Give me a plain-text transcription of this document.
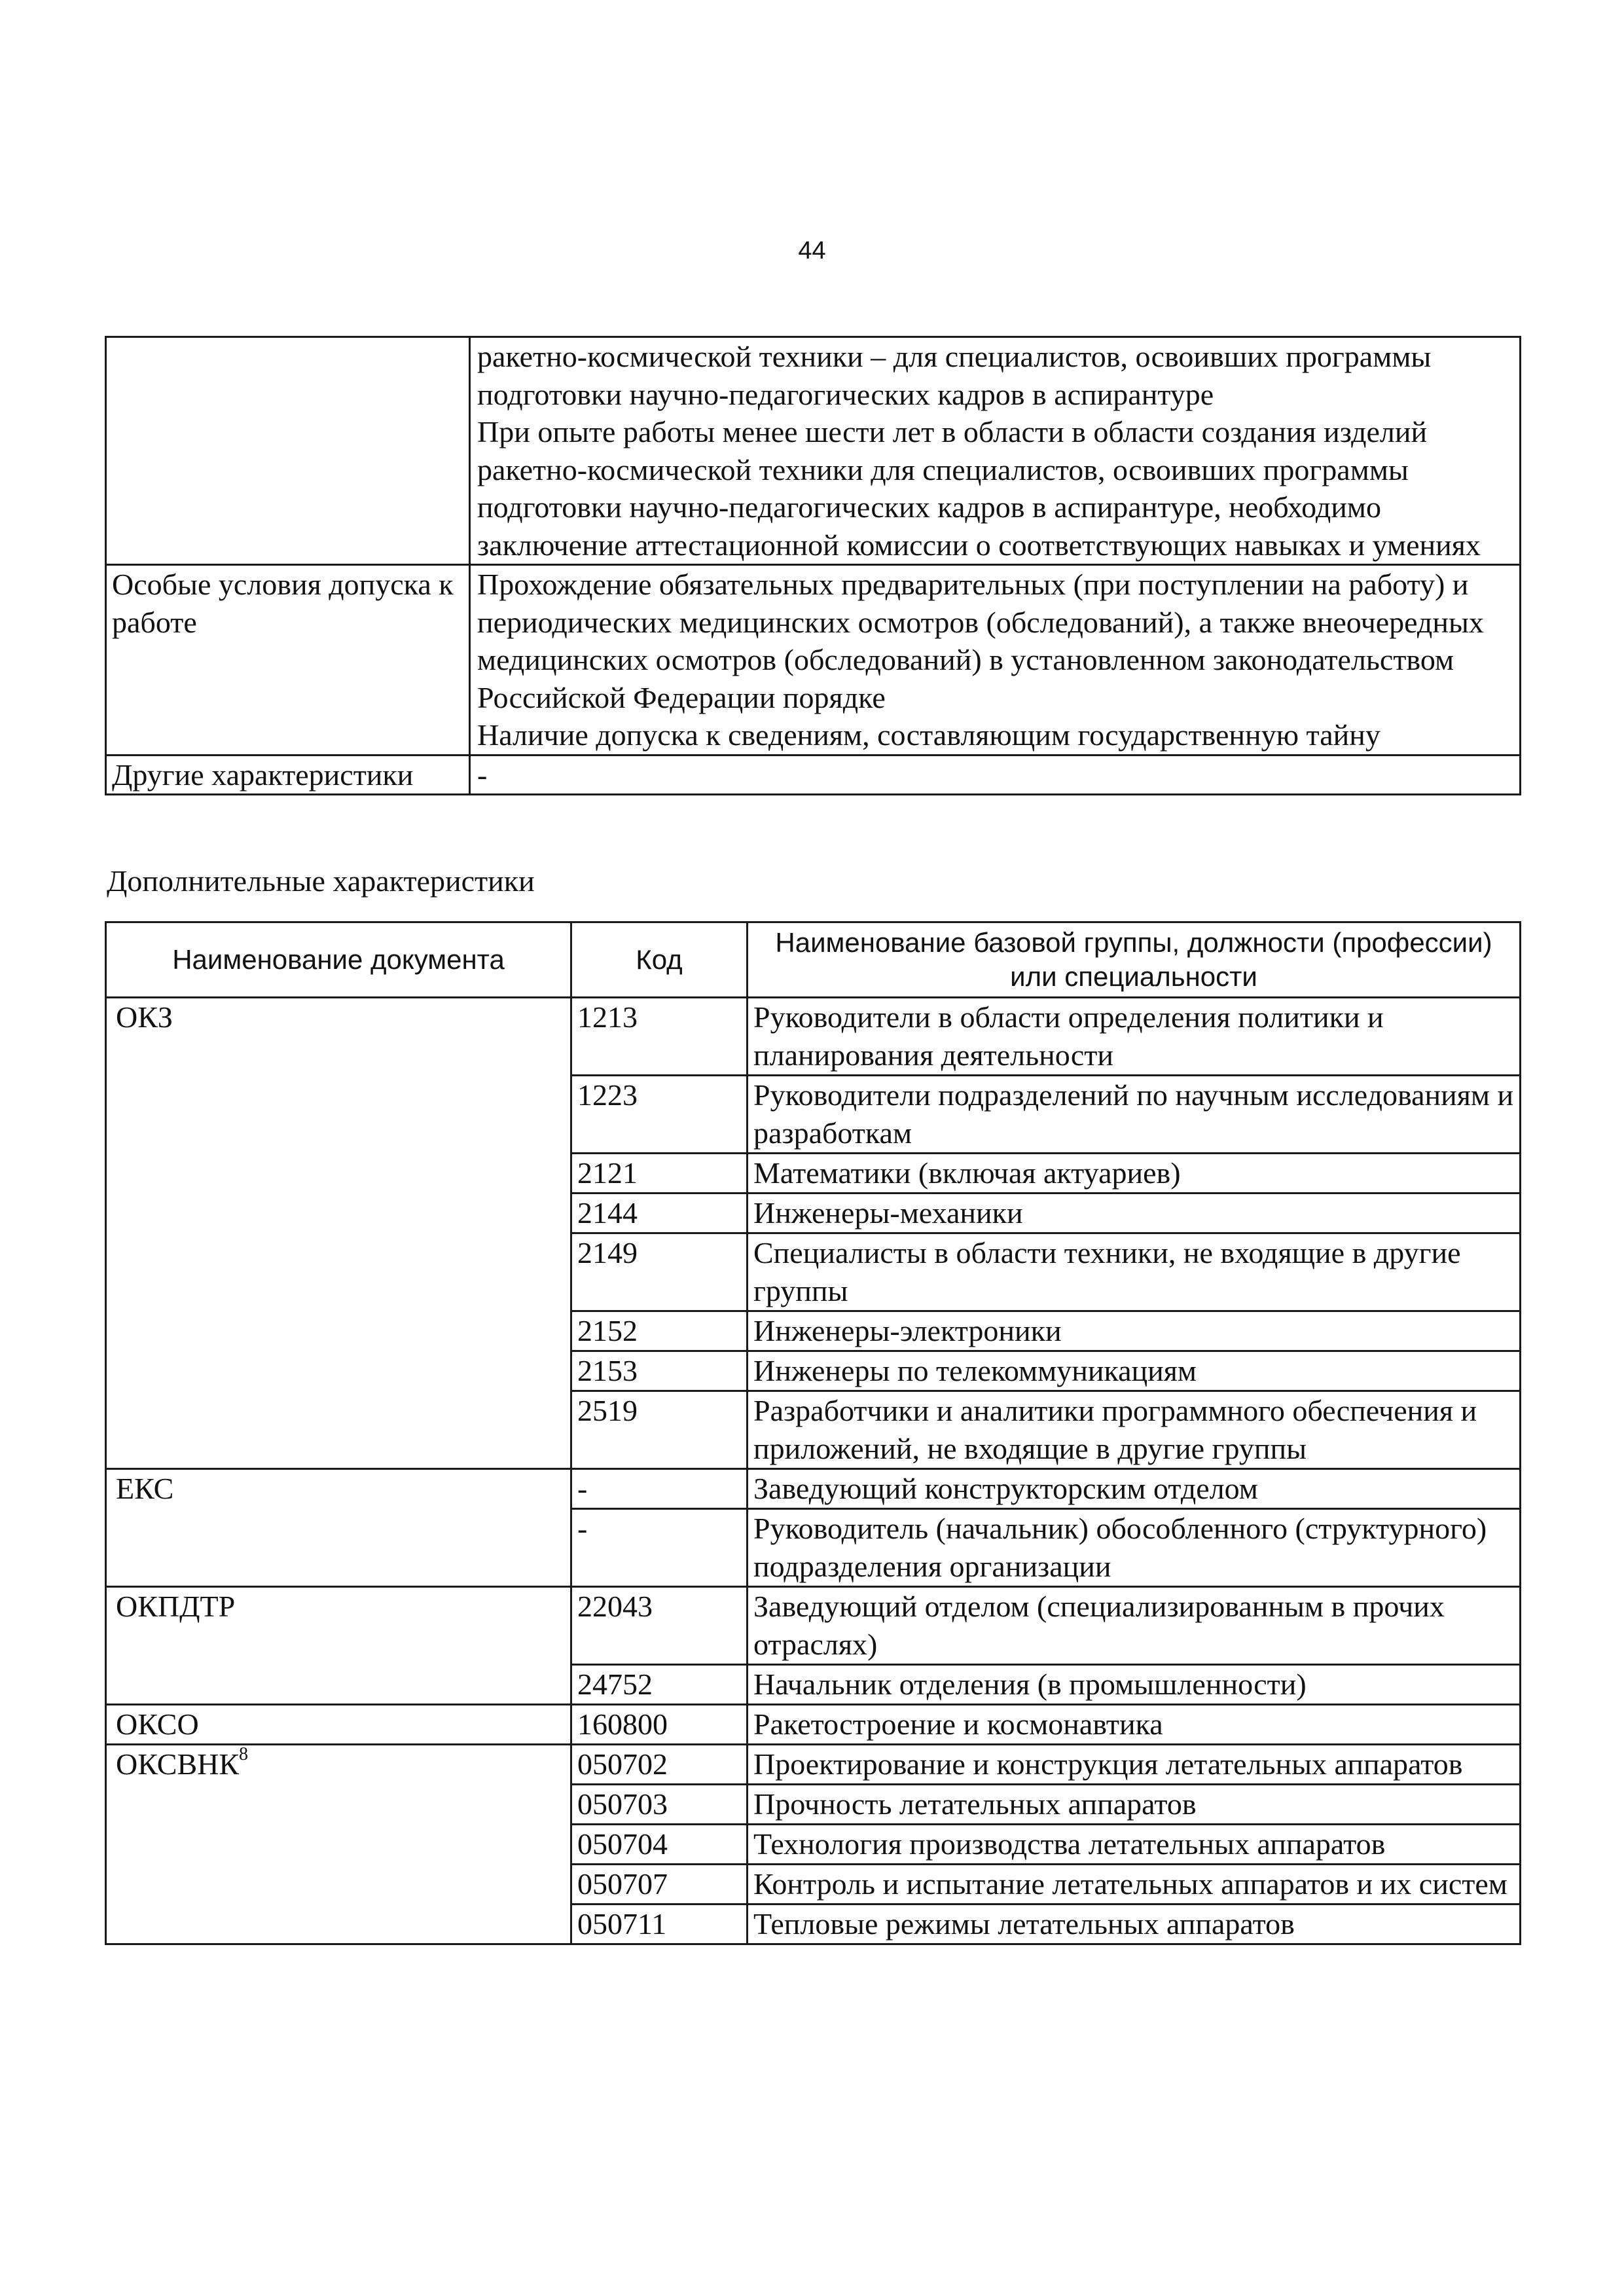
44

	ракетно-космической техники – для специалистов, освоивших программы подготовки научно-педагогических кадров в аспирантуре

При опыте работы менее шести лет в области в области создания изделий ракетно-космической техники для специалистов, освоивших программы подготовки научно-педагогических кадров в аспирантуре, необходимо заключение аттестационной комиссии о соответствующих навыках и умениях

Особые условия допуска к работе	Прохождение обязательных предварительных (при поступлении на работу) и периодических медицинских осмотров (обследований), а также внеочередных медицинских осмотров (обследований) в установленном законодательством Российской Федерации порядке

Наличие допуска к сведениям, составляющим государственную тайну

Другие характеристики	-

Дополнительные характеристики
Наименование документа	Код	Наименование базовой группы, должности (профессии) или специальности
ОКЗ	1213	Руководители в области определения политики и планирования деятельности
	1223	Руководители подразделений по научным исследованиям и разработкам
	2121	Математики (включая актуариев)
	2144	Инженеры-механики
	2149	Специалисты в области техники, не входящие в другие группы
	2152	Инженеры-электроники
	2153	Инженеры по телекоммуникациям
	2519	Разработчики и аналитики программного обеспечения и приложений, не входящие в другие группы
ЕКС	-	Заведующий конструкторским отделом
	-	Руководитель (начальник) обособленного (структурного) подразделения организации
ОКПДТР	22043	Заведующий отделом (специализированным в прочих отраслях)
	24752	Начальник отделения (в промышленности)
ОКСО	160800	Ракетостроение и космонавтика
ОКСВНК$^8$	050702	Проектирование и конструкция летательных аппаратов
	050703	Прочность летательных аппаратов
	050704	Технология производства летательных аппаратов
	050707	Контроль и испытание летательных аппаратов и их систем
	050711	Тепловые режимы летательных аппаратов
